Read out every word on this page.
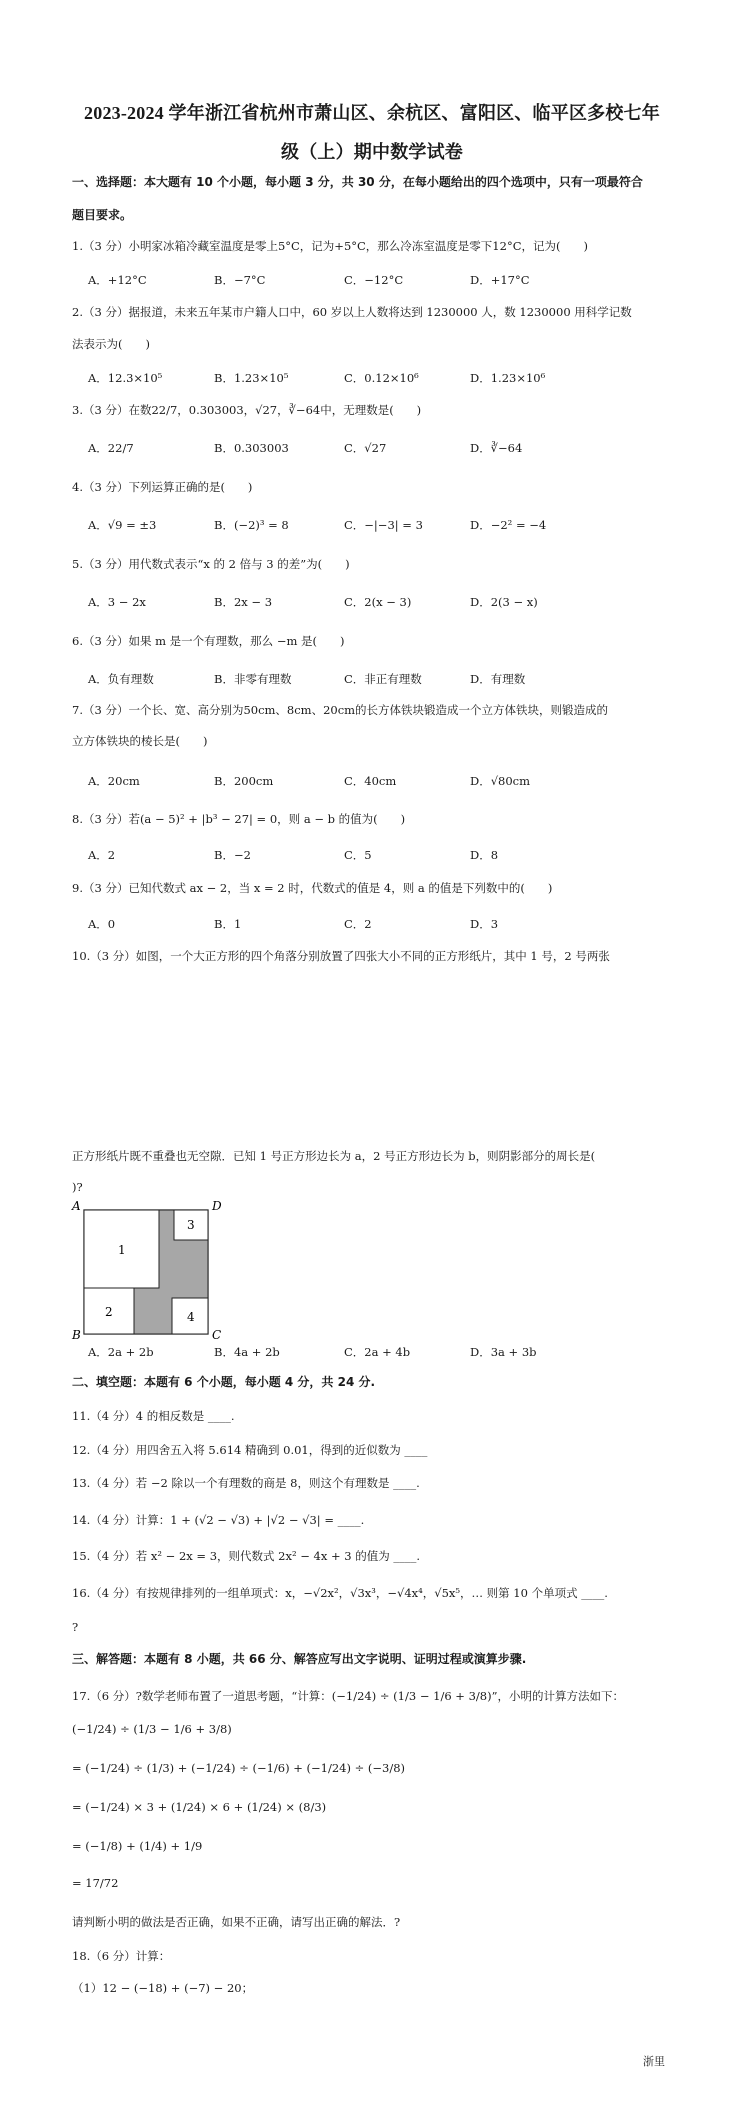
2023-2024 学年浙江省杭州市萧山区、余杭区、富阳区、临平区多校七年
级（上）期中数学试卷
一、选择题：本大题有 10 个小题，每小题 3 分，共 30 分，在每小题给出的四个选项中，只有一项最符合
题目要求。
1.（3 分）小明家冰箱冷藏室温度是零上5°C，记为+5°C，那么冷冻室温度是零下12°C，记为(　　)
A．+12°C	B．−7°C	C．−12°C	D．+17°C
2.（3 分）据报道，未来五年某市户籍人口中，60 岁以上人数将达到 1230000 人，数 1230000 用科学记数
法表示为(　　)
A．12.3×10⁵	B．1.23×10⁵	C．0.12×10⁶	D．1.23×10⁶
3.（3 分）在数22/7，0.303003，√27，∛−64中，无理数是(　　)
A．22/7	B．0.303003	C．√27	D．∛−64
4.（3 分）下列运算正确的是(　　)
A．√9 = ±3	B．(−2)³ = 8	C．−|−3| = 3	D．−2² = −4
5.（3 分）用代数式表示“x 的 2 倍与 3 的差”为(　　)
A．3 − 2x	B．2x − 3	C．2(x − 3)	D．2(3 − x)
6.（3 分）如果 m 是一个有理数，那么 −m 是(　　)
A．负有理数	B．非零有理数	C．非正有理数	D．有理数
7.（3 分）一个长、宽、高分别为50cm、8cm、20cm的长方体铁块锻造成一个立方体铁块，则锻造成的
立方体铁块的棱长是(　　)
A．20cm	B．200cm	C．40cm	D．√80cm
8.（3 分）若(a − 5)² + |b³ − 27| = 0，则 a − b 的值为(　　)
A．2	B．−2	C．5	D．8
9.（3 分）已知代数式 ax − 2，当 x = 2 时，代数式的值是 4，则 a 的值是下列数中的(　　)
A．0	B．1	C．2	D．3
10.（3 分）如图，一个大正方形的四个角落分别放置了四张大小不同的正方形纸片，其中 1 号，2 号两张
正方形纸片既不重叠也无空隙．已知 1 号正方形边长为 a，2 号正方形边长为 b，则阴影部分的周长是(
)?
1
2
3
4
A	D
B	C
A．2a + 2b	B．4a + 2b	C．2a + 4b	D．3a + 3b
二、填空题：本题有 6 个小题，每小题 4 分，共 24 分.
11.（4 分）4 的相反数是 ____.
12.（4 分）用四舍五入将 5.614 精确到 0.01，得到的近似数为 ____
13.（4 分）若 −2 除以一个有理数的商是 8，则这个有理数是 ____.
14.（4 分）计算：1 + (√2 − √3) + |√2 − √3| = ____.
15.（4 分）若 x² − 2x = 3，则代数式 2x² − 4x + 3 的值为 ____.
16.（4 分）有按规律排列的一组单项式：x，−√2x²，√3x³，−√4x⁴，√5x⁵，… 则第 10 个单项式 ____.
?
三、解答题：本题有 8 小题，共 66 分、解答应写出文字说明、证明过程或演算步骤.
17.（6 分）?数学老师布置了一道思考题，“计算：(−1/24) ÷ (1/3 − 1/6 + 3/8)”，小明的计算方法如下：
(−1/24) ÷ (1/3 − 1/6 + 3/8)
= (−1/24) ÷ (1/3) + (−1/24) ÷ (−1/6) + (−1/24) ÷ (−3/8)
= (−1/24) × 3 + (1/24) × 6 + (1/24) × (8/3)
= (−1/8) + (1/4) + 1/9
= 17/72
请判断小明的做法是否正确，如果不正确，请写出正确的解法．?
18.（6 分）计算：
（1）12 − (−18) + (−7) − 20；
浙里
